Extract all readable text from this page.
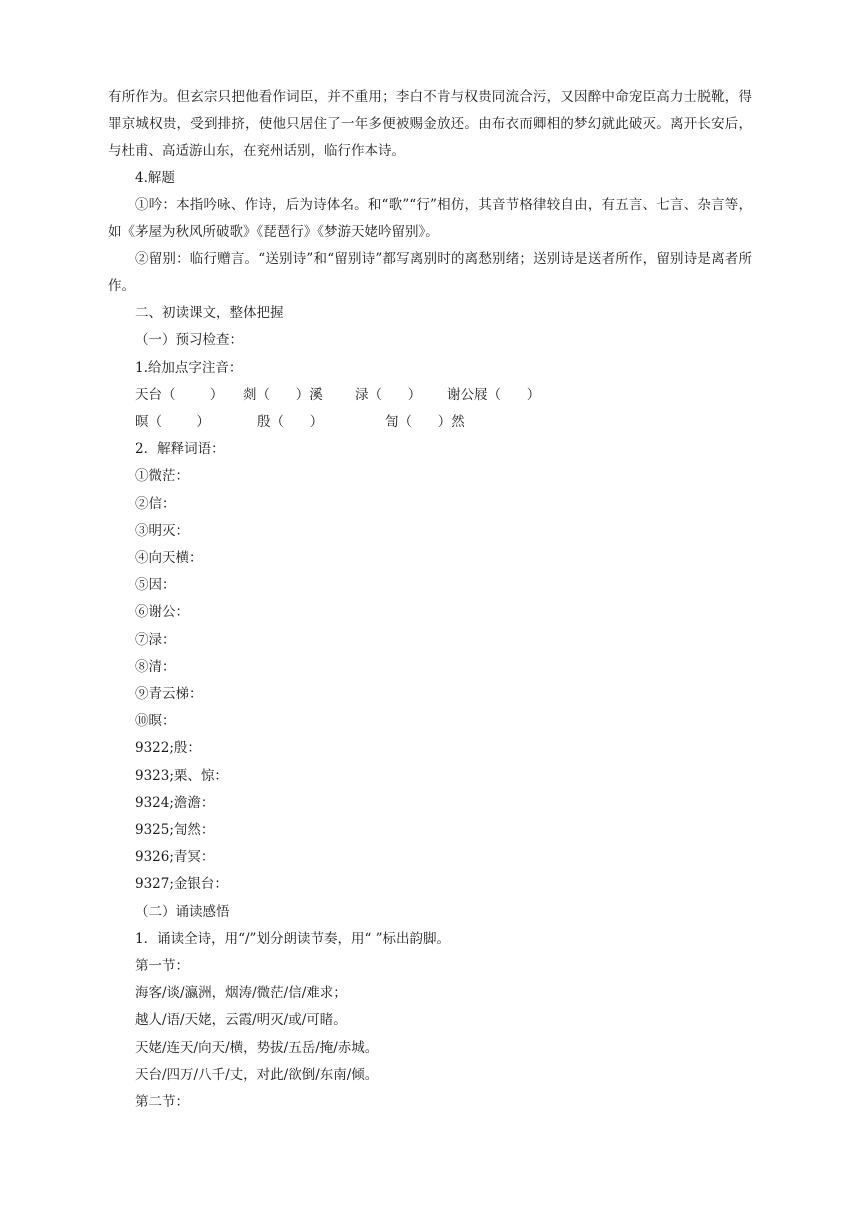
有所作为。但玄宗只把他看作词臣，并不重用；李白不肯与权贵同流合污，又因醉中命宠臣高力士脱靴，得罪京城权贵，受到排挤，使他只居住了一年多便被赐金放还。由布衣而卿相的梦幻就此破灭。离开长安后，与杜甫、高适游山东，在兖州话别，临行作本诗。

4.解题

①吟：本指吟咏、作诗，后为诗体名。和“歌”“行”相仿，其音节格律较自由，有五言、七言、杂言等，如《茅屋为秋风所破歌》《琵琶行》《梦游天姥吟留别》。

②留别：临行赠言。“送别诗”和“留别诗”都写离别时的离愁别绪；送别诗是送者所作，留别诗是离者所作。

二、初读课文，整体把握

（一）预习检查：

1.给加点字注音：

天台（        ）	剡（      ）溪	渌（      ）	谢公屐（      ）
暝（        ）	殷（      ）	訇（      ）然

2．解释词语：

①微茫：

②信：

③明灭：

④向天横：

⑤因：

⑥谢公：

⑦渌：

⑧清：

⑨青云梯：

⑩暝：

9322;殷：

9323;栗、惊：

9324;澹澹：

9325;訇然：

9326;青冥：

9327;金银台：

（二）诵读感悟

1．诵读全诗，用“/”划分朗读节奏，用“ ”标出韵脚。

第一节：

海客/谈/瀛洲，烟涛/微茫/信/难求；

越人/语/天姥，云霞/明灭/或/可睹。

天姥/连天/向天/横，势拔/五岳/掩/赤城。

天台/四万/八千/丈，对此/欲倒/东南/倾。

第二节：
